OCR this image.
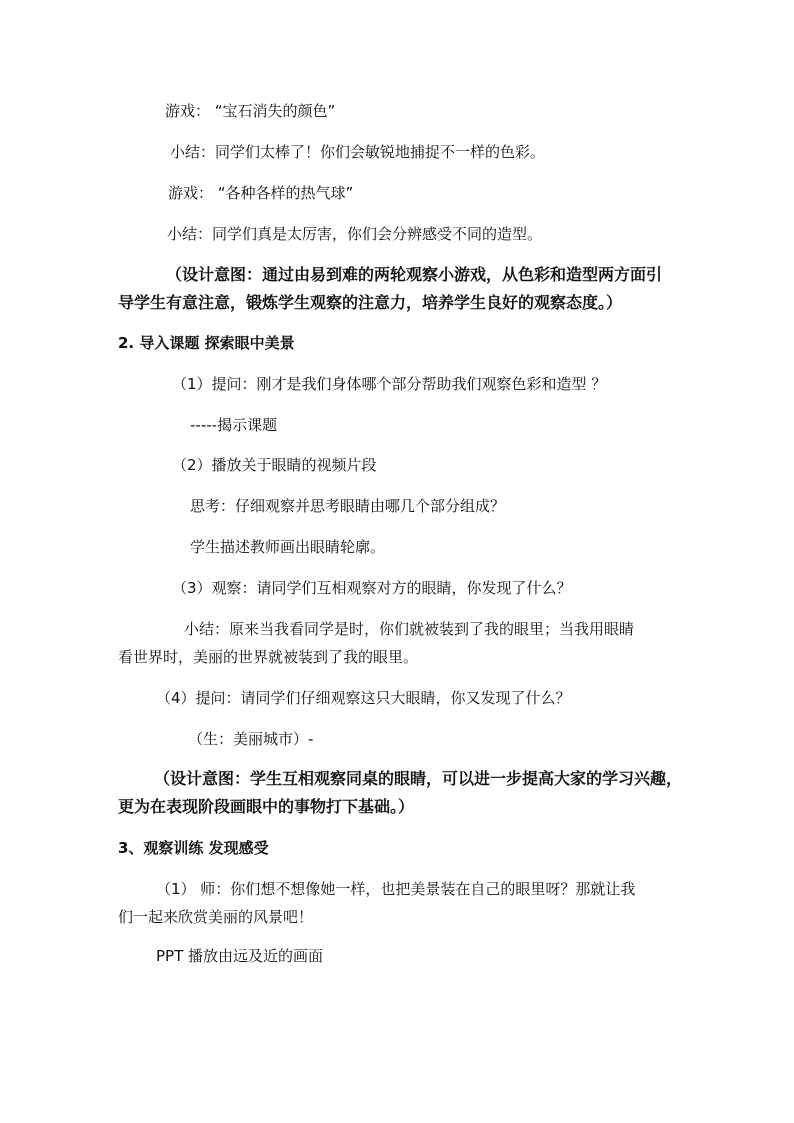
游戏： “宝石消失的颜色”
小结：同学们太棒了！你们会敏锐地捕捉不一样的色彩。
游戏： “各种各样的热气球”
小结：同学们真是太厉害，你们会分辨感受不同的造型。
（设计意图：通过由易到难的两轮观察小游戏，从色彩和造型两方面引
导学生有意注意，锻炼学生观察的注意力，培养学生良好的观察态度。）
2. 导入课题 探索眼中美景
（1）提问：刚才是我们身体哪个部分帮助我们观察色彩和造型 ？
-----揭示课题
（2）播放关于眼睛的视频片段
思考：仔细观察并思考眼睛由哪几个部分组成？
学生描述教师画出眼睛轮廓。
（3）观察：请同学们互相观察对方的眼睛，你发现了什么？
小结：原来当我看同学是时，你们就被装到了我的眼里；当我用眼睛
看世界时，美丽的世界就被装到了我的眼里。
（4）提问：请同学们仔细观察这只大眼睛，你又发现了什么？
（生：美丽城市）-
（设计意图：学生互相观察同桌的眼睛，可以进一步提高大家的学习兴趣，
更为在表现阶段画眼中的事物打下基础。）
3、观察训练 发现感受
（1） 师：你们想不想像她一样，也把美景装在自己的眼里呀？那就让我
们一起来欣赏美丽的风景吧！
PPT 播放由远及近的画面
